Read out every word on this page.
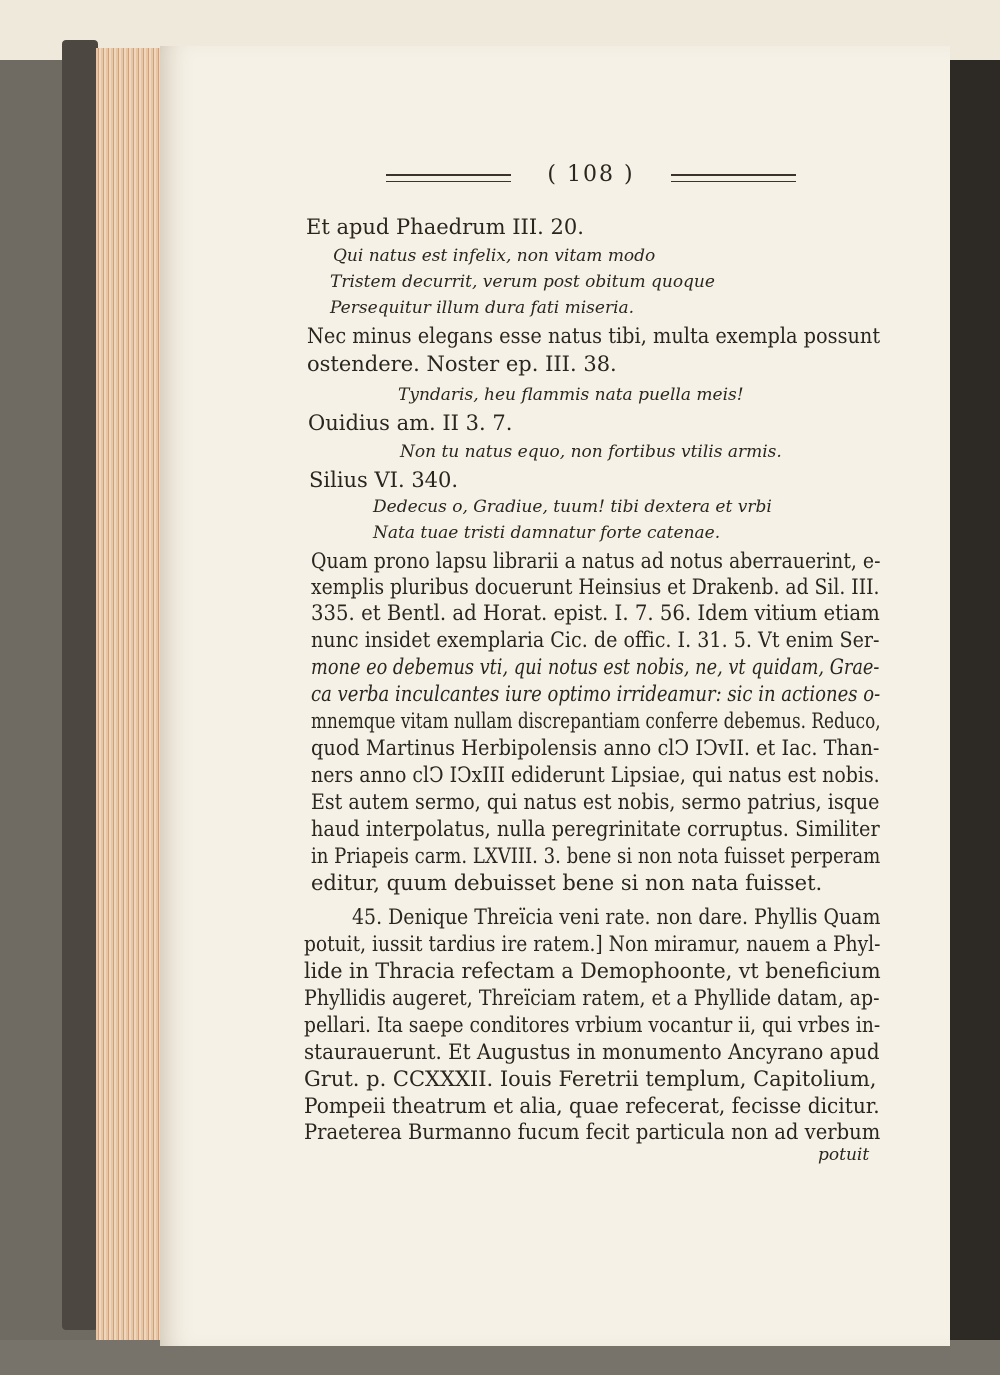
( 108 )
Et apud Phaedrum III. 20.
Qui natus est infelix, non vitam modo
Tristem decurrit, verum post obitum quoque
Persequitur illum dura fati miseria.
Nec minus elegans esse natus tibi, multa exempla possunt
ostendere. Noster ep. III. 38.
Tyndaris, heu flammis nata puella meis!
Ouidius am. II 3. 7.
Non tu natus equo, non fortibus vtilis armis.
Silius VI. 340.
Dedecus o, Gradiue, tuum! tibi dextera et vrbi
Nata tuae tristi damnatur forte catenae.
Quam prono lapsu librarii a natus ad notus aberrauerint, e-
xemplis pluribus docuerunt Heinsius et Drakenb. ad Sil. III.
335. et Bentl. ad Horat. epist. I. 7. 56. Idem vitium etiam
nunc insidet exemplaria Cic. de offic. I. 31. 5. Vt enim Ser-
mone eo debemus vti, qui notus est nobis, ne, vt quidam, Grae-
ca verba inculcantes iure optimo irrideamur: sic in actiones o-
mnemque vitam nullam discrepantiam conferre debemus. Reduco,
quod Martinus Herbipolensis anno clↃ IↃvII. et Iac. Than-
ners anno clↃ IↃxIII ediderunt Lipsiae, qui natus est nobis.
Est autem sermo, qui natus est nobis, sermo patrius, isque
haud interpolatus, nulla peregrinitate corruptus. Similiter
in Priapeis carm. LXVIII. 3. bene si non nota fuisset perperam
editur, quum debuisset bene si non nata fuisset.
45. Denique Threïcia veni rate. non dare. Phyllis Quam
potuit, iussit tardius ire ratem.] Non miramur, nauem a Phyl-
lide in Thracia refectam a Demophoonte, vt beneficium
Phyllidis augeret, Threïciam ratem, et a Phyllide datam, ap-
pellari. Ita saepe conditores vrbium vocantur ii, qui vrbes in-
staurauerunt. Et Augustus in monumento Ancyrano apud
Grut. p. CCXXXII. Iouis Feretrii templum, Capitolium,
Pompeii theatrum et alia, quae refecerat, fecisse dicitur.
Praeterea Burmanno fucum fecit particula non ad verbum
potuit
